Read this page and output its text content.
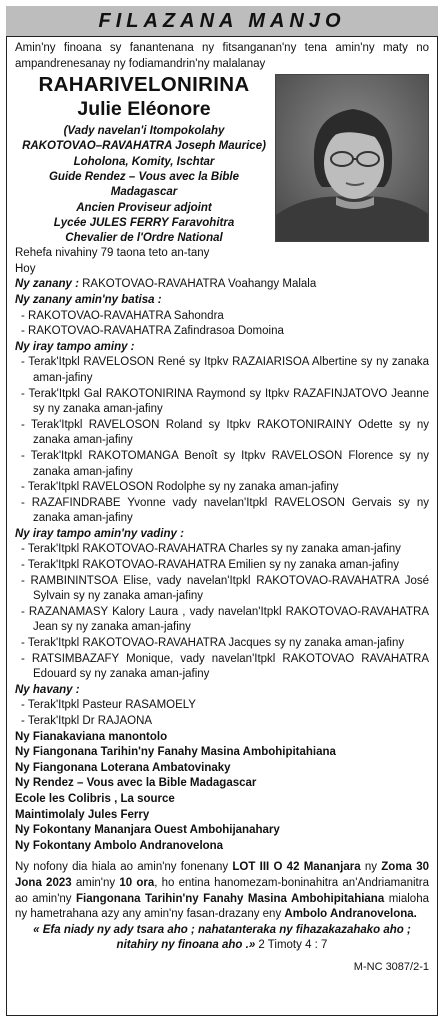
FILAZANA MANJO

Amin'ny finoana sy fanantenana ny fitsanganan'ny tena amin'ny maty no ampandrenesanay ny fodiamandrin'ny malalanay

RAHARIVELONIRINA
Julie Eléonore
(Vady navelan'i Itompokolahy
RAKOTOVAO–RAVAHATRA Joseph Maurice)
Loholona, Komity, Ischtar
Guide Rendez – Vous avec la Bible Madagascar
Ancien Proviseur adjoint
Lycée JULES FERRY Faravohitra
Chevalier de l'Ordre National

Rehefa nivahiny 79 taona teto an-tany

Hoy

Ny zanany : RAKOTOVAO-RAVAHATRA Voahangy Malala

Ny zanany amin'ny batisa :

- RAKOTOVAO-RAVAHATRA Sahondra

- RAKOTOVAO-RAVAHATRA Zafindrasoa Domoina

Ny iray tampo aminy :

- Terak'Itpkl RAVELOSON René sy Itpkv RAZAIARISOA Albertine sy ny zanaka aman-jafiny

- Terak'Itpkl Gal RAKOTONIRINA Raymond sy Itpkv RAZAFINJATOVO Jeanne sy ny zanaka aman-jafiny

- Terak'Itpkl RAVELOSON Roland sy Itpkv RAKOTONIRAINY Odette sy ny zanaka aman-jafiny

- Terak'Itpkl RAKOTOMANGA Benoît sy Itpkv RAVELOSON Florence sy ny zanaka aman-jafiny

- Terak'Itpkl RAVELOSON Rodolphe sy ny zanaka aman-jafiny

- RAZAFINDRABE Yvonne vady navelan'Itpkl RAVELOSON Gervais sy ny zanaka aman-jafiny

Ny iray tampo amin'ny vadiny :

- Terak'Itpkl RAKOTOVAO-RAVAHATRA Charles sy ny zanaka aman-jafiny

- Terak'Itpkl RAKOTOVAO-RAVAHATRA Emilien sy ny zanaka aman-jafiny

- RAMBININTSOA Elise, vady navelan'Itpkl RAKOTOVAO-RAVAHATRA José Sylvain sy ny zanaka aman-jafiny

- RAZANAMASY Kalory Laura , vady navelan'Itpkl RAKOTOVAO-RAVAHATRA Jean sy ny zanaka aman-jafiny

- Terak'Itpkl RAKOTOVAO-RAVAHATRA Jacques sy ny zanaka aman-jafiny

- RATSIMBAZAFY Monique, vady navelan'Itpkl RAKOTOVAO RAVAHATRA Edouard sy ny zanaka aman-jafiny

Ny havany :

- Terak'Itpkl Pasteur RASAMOELY

- Terak'Itpkl Dr RAJAONA

Ny Fianakaviana manontolo

Ny Fiangonana Tarihin'ny Fanahy Masina Ambohipitahiana

Ny Fiangonana Loterana Ambatovinaky

Ny Rendez – Vous avec la Bible Madagascar

Ecole les Colibris , La source

Maintimolaly Jules Ferry

Ny Fokontany Mananjara Ouest Ambohijanahary

Ny Fokontany Ambolo Andranovelona

Ny nofony dia hiala ao amin'ny fonenany LOT III O 42 Mananjara ny Zoma 30 Jona 2023 amin'ny 10 ora, ho entina hanomezam-boninahitra an'Andriamanitra ao amin'ny Fiangonana Tarihin'ny Fanahy Masina Ambohipitahiana mialoha ny hametrahana azy any amin'ny fasan-drazany eny Ambolo Andranovelona.

« Efa niady ny ady tsara aho ; nahatanteraka ny fihazakazahako aho ; nitahiry ny finoana aho .» 2 Timoty 4 : 7

M-NC 3087/2-1
